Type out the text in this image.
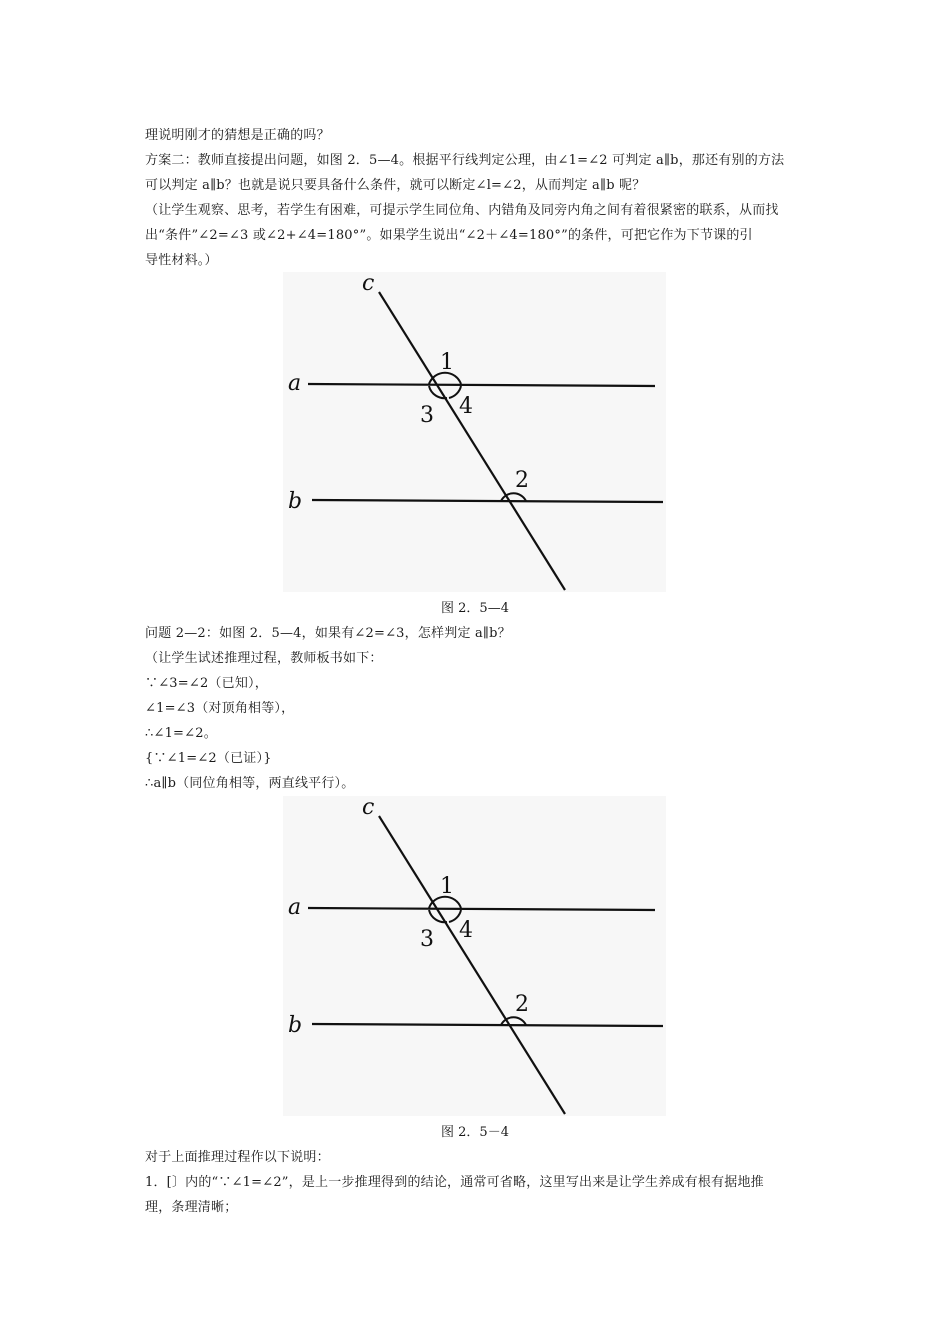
理说明刚才的猜想是正确的吗？
方案二：教师直接提出问题，如图 2．5—4。根据平行线判定公理，由∠1=∠2 可判定 a∥b，那还有别的方法
可以判定 a∥b？也就是说只要具备什么条件，就可以断定∠l=∠2，从而判定 a∥b 呢？
（让学生观察、思考，若学生有困难，可提示学生同位角、内错角及同旁内角之间有着很紧密的联系，从而找
出“条件”∠2=∠3 或∠2+∠4=180°”。如果学生说出“∠2＋∠4=180°”的条件，可把它作为下节课的引
导性材料。）
c
a
b
1
3 4
2
图 2．5—4
问题 2—2：如图 2．5—4，如果有∠2=∠3，怎样判定 a∥b？
（让学生试述推理过程，教师板书如下：
∵∠3=∠2（已知），
∠1=∠3（对顶角相等），
∴∠1=∠2。
{∵∠1=∠2（已证）}
∴a∥b（同位角相等，两直线平行）。
c
a
b
1
3 4
2
图 2．5－4
对于上面推理过程作以下说明：
1．[〕内的“∵∠1=∠2”，是上一步推理得到的结论，通常可省略，这里写出来是让学生养成有根有据地推
理，条理清晰；
